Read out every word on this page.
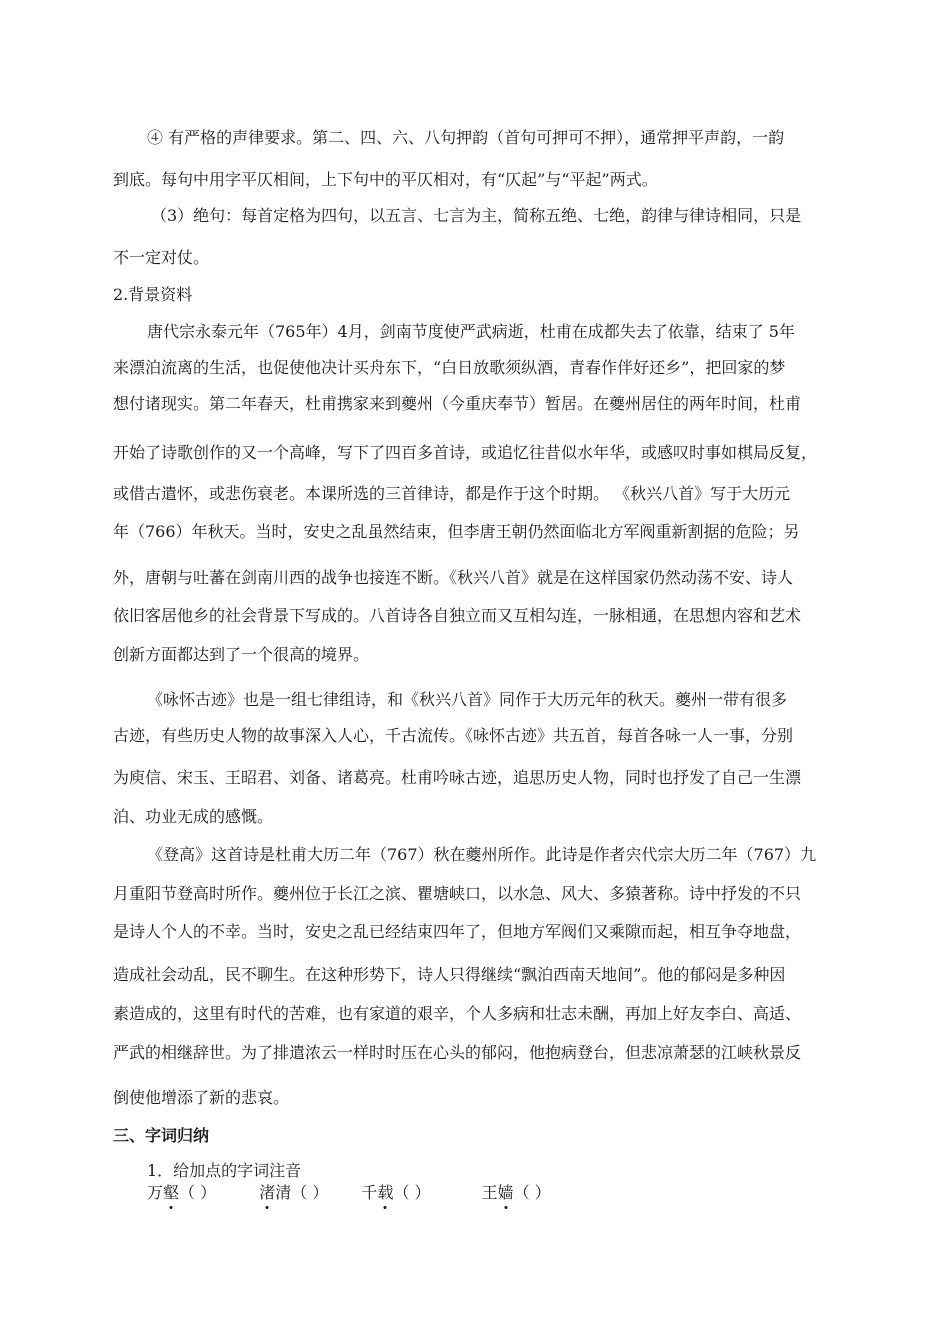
④ 有严格的声律要求。第二、四、六、八句押韵（首句可押可不押），通常押平声韵，一韵
到底。每句中用字平仄相间，上下句中的平仄相对，有“仄起”与“平起”两式。
（3）绝句：每首定格为四句，以五言、七言为主，简称五绝、七绝，韵律与律诗相同，只是
不一定对仗。
2.背景资料
唐代宗永泰元年（765年）4月，剑南节度使严武病逝，杜甫在成都失去了依靠，结束了 5年
来漂泊流离的生活，也促使他决计买舟东下，“白日放歌须纵酒，青春作伴好还乡”，把回家的梦
想付诸现实。第二年春天，杜甫携家来到夔州（今重庆奉节）暂居。在夔州居住的两年时间，杜甫
开始了诗歌创作的又一个高峰，写下了四百多首诗，或追忆往昔似水年华，或感叹时事如棋局反复，
或借古遣怀，或悲伤衰老。本课所选的三首律诗，都是作于这个时期。 《秋兴八首》写于大历元
年（766）年秋天。当时，安史之乱虽然结束，但李唐王朝仍然面临北方军阀重新割据的危险；另
外，唐朝与吐蕃在剑南川西的战争也接连不断。《秋兴八首》就是在这样国家仍然动荡不安、诗人
依旧客居他乡的社会背景下写成的。八首诗各自独立而又互相勾连，一脉相通，在思想内容和艺术
创新方面都达到了一个很高的境界。
《咏怀古迹》也是一组七律组诗，和《秋兴八首》同作于大历元年的秋天。夔州一带有很多
古迹，有些历史人物的故事深入人心，千古流传。《咏怀古迹》共五首，每首各咏一人一事，分别
为庾信、宋玉、王昭君、刘备、诸葛亮。杜甫吟咏古迹，追思历史人物，同时也抒发了自己一生漂
泊、功业无成的感慨。
《登高》这首诗是杜甫大历二年（767）秋在夔州所作。此诗是作者宍代宗大历二年（767）九
月重阳节登高时所作。夔州位于长江之滨、瞿塘峡口，以水急、风大、多猿著称。诗中抒发的不只
是诗人个人的不幸。当时，安史之乱已经结束四年了，但地方军阀们又乘隙而起，相互争夺地盘，
造成社会动乱，民不聊生。在这种形势下，诗人只得继续“飘泊西南天地间”。他的郁闷是多种因
素造成的，这里有时代的苦难，也有家道的艰辛，个人多病和壮志未酬，再加上好友李白、高适、
严武的相继辞世。为了排遣浓云一样时时压在心头的郁闷，他抱病登台，但悲凉萧瑟的江峡秋景反
倒使他增添了新的悲哀。
三、字词归纳
1．给加点的字词注音
万壑（ ）	渚清（ ） 千载（ ）	王嫱（ ）
